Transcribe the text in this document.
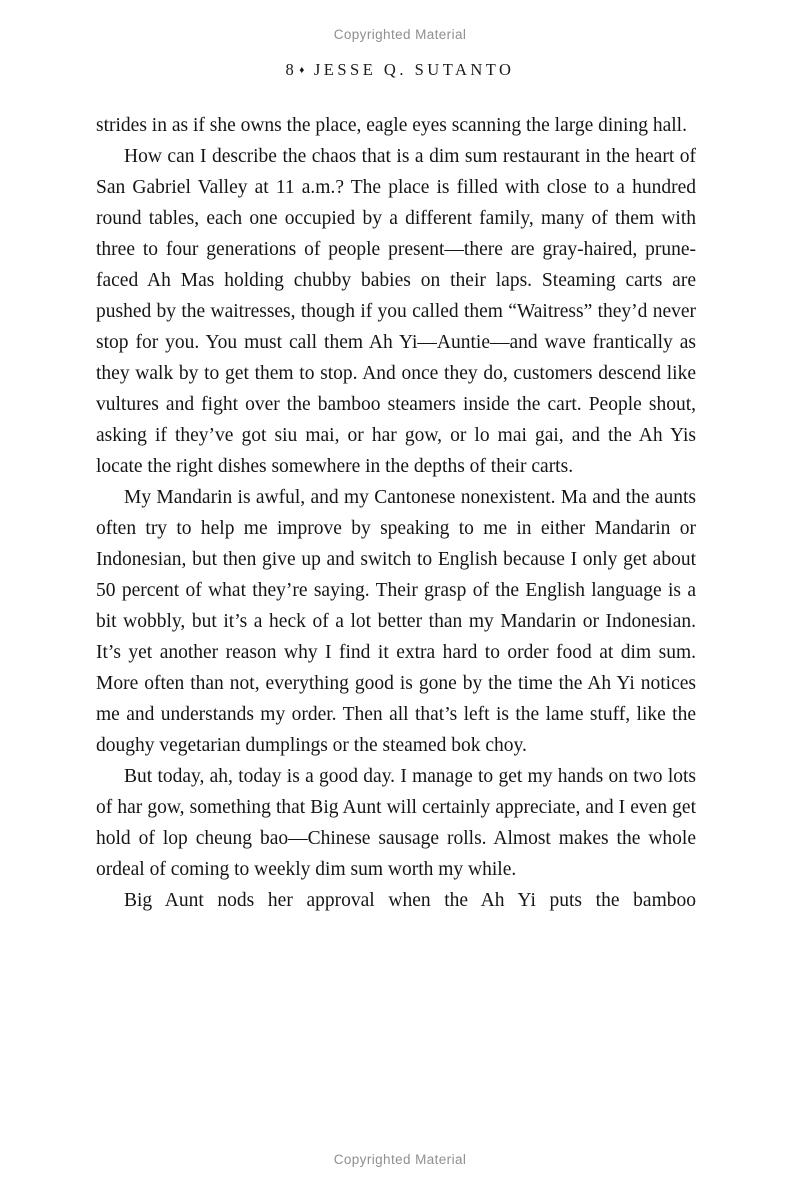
Copyrighted Material
8 ♦ JESSE Q. SUTANTO

strides in as if she owns the place, eagle eyes scanning the large dining hall.

How can I describe the chaos that is a dim sum restaurant in the heart of San Gabriel Valley at 11 a.m.? The place is filled with close to a hundred round tables, each one occupied by a different family, many of them with three to four generations of people present—there are gray-haired, prune-faced Ah Mas holding chubby babies on their laps. Steaming carts are pushed by the waitresses, though if you called them “Waitress” they’d never stop for you. You must call them Ah Yi—Auntie—and wave frantically as they walk by to get them to stop. And once they do, customers descend like vultures and fight over the bamboo steamers inside the cart. People shout, asking if they’ve got siu mai, or har gow, or lo mai gai, and the Ah Yis locate the right dishes somewhere in the depths of their carts.

My Mandarin is awful, and my Cantonese nonexistent. Ma and the aunts often try to help me improve by speaking to me in either Mandarin or Indonesian, but then give up and switch to English because I only get about 50 percent of what they’re saying. Their grasp of the English language is a bit wobbly, but it’s a heck of a lot better than my Mandarin or Indonesian. It’s yet another reason why I find it extra hard to order food at dim sum. More often than not, everything good is gone by the time the Ah Yi notices me and understands my order. Then all that’s left is the lame stuff, like the doughy vegetarian dumplings or the steamed bok choy.

But today, ah, today is a good day. I manage to get my hands on two lots of har gow, something that Big Aunt will certainly appreciate, and I even get hold of lop cheung bao—Chinese sausage rolls. Almost makes the whole ordeal of coming to weekly dim sum worth my while.

Big Aunt nods her approval when the Ah Yi puts the bamboo

Copyrighted Material
